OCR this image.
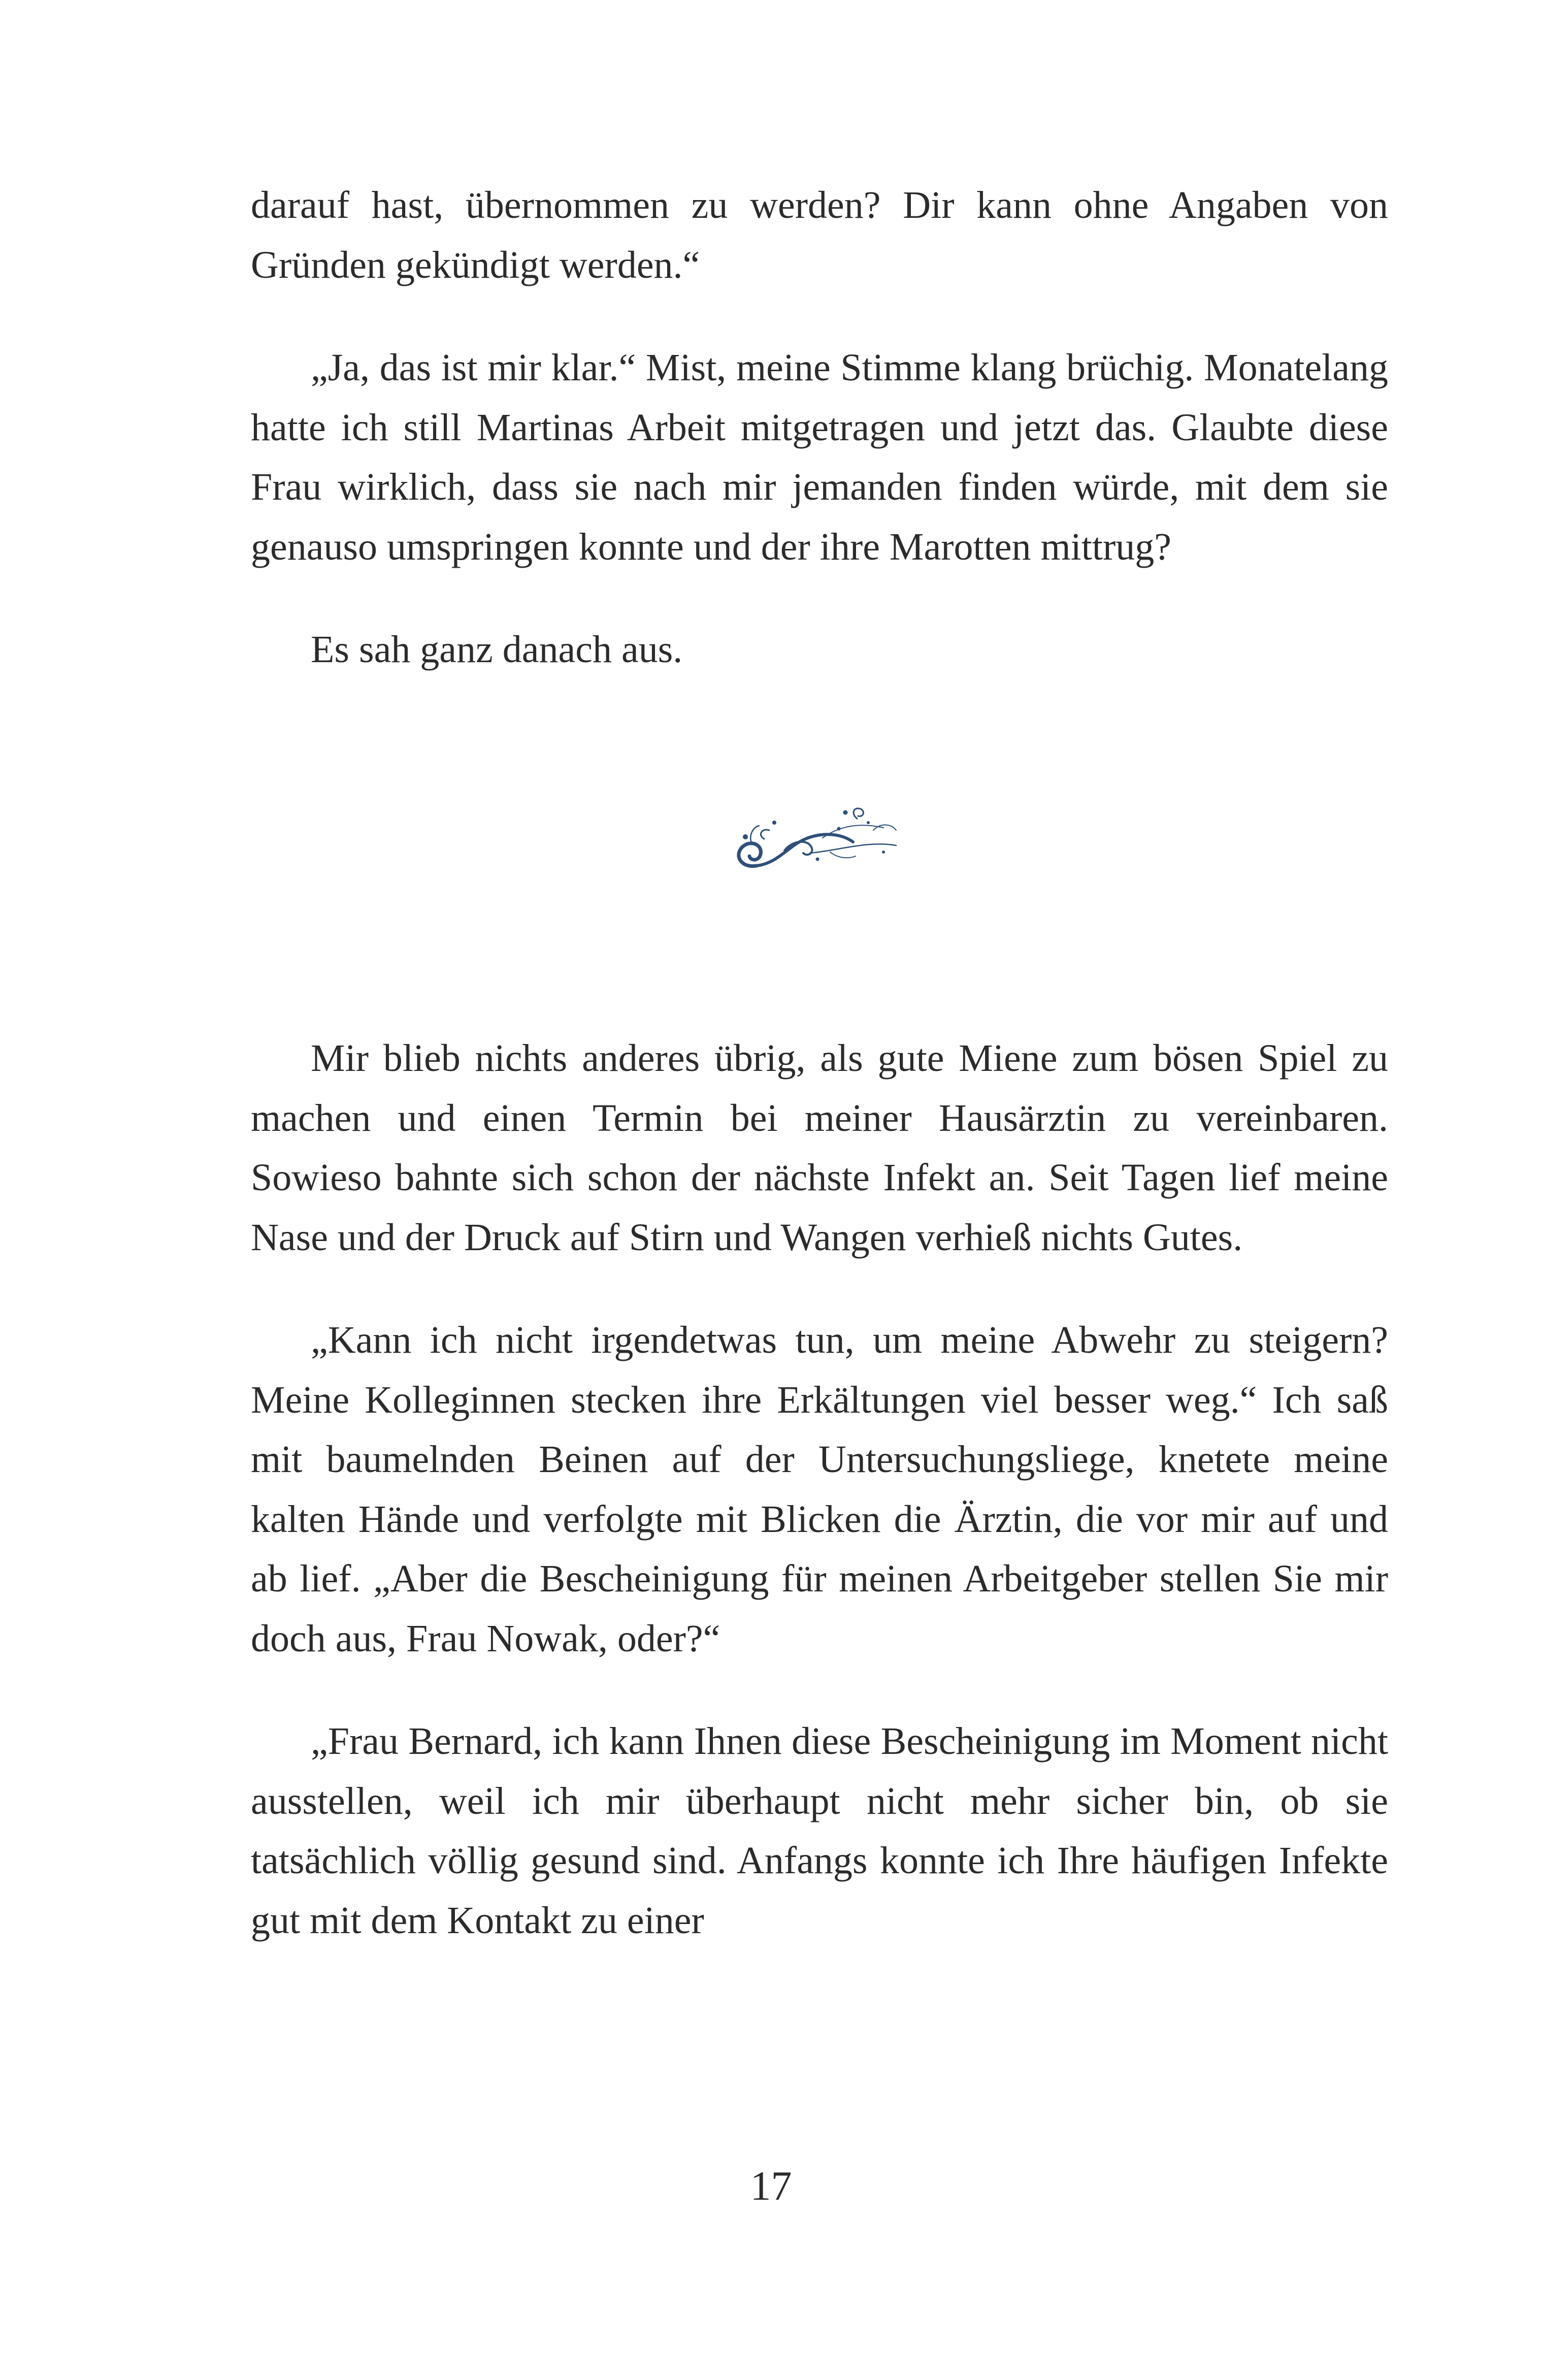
darauf hast, übernommen zu werden? Dir kann ohne Angaben von Gründen gekündigt werden.“

„Ja, das ist mir klar.“ Mist, meine Stimme klang brüchig. Monatelang hatte ich still Martinas Arbeit mitgetragen und jetzt das. Glaubte diese Frau wirklich, dass sie nach mir jemanden finden würde, mit dem sie genauso umspringen konnte und der ihre Marotten mittrug?

Es sah ganz danach aus.

Mir blieb nichts anderes übrig, als gute Miene zum bösen Spiel zu machen und einen Termin bei meiner Hausärztin zu vereinbaren. Sowieso bahnte sich schon der nächste Infekt an. Seit Tagen lief meine Nase und der Druck auf Stirn und Wangen verhieß nichts Gutes.

„Kann ich nicht irgendetwas tun, um meine Abwehr zu steigern? Meine Kolleginnen stecken ihre Erkältungen viel besser weg.“ Ich saß mit baumelnden Beinen auf der Untersuchungsliege, knetete meine kalten Hände und verfolgte mit Blicken die Ärztin, die vor mir auf und ab lief. „Aber die Bescheinigung für meinen Arbeitgeber stellen Sie mir doch aus, Frau Nowak, oder?“

„Frau Bernard, ich kann Ihnen diese Bescheinigung im Moment nicht ausstellen, weil ich mir überhaupt nicht mehr sicher bin, ob sie tatsächlich völlig gesund sind. Anfangs konnte ich Ihre häufigen Infekte gut mit dem Kontakt zu einer

17
